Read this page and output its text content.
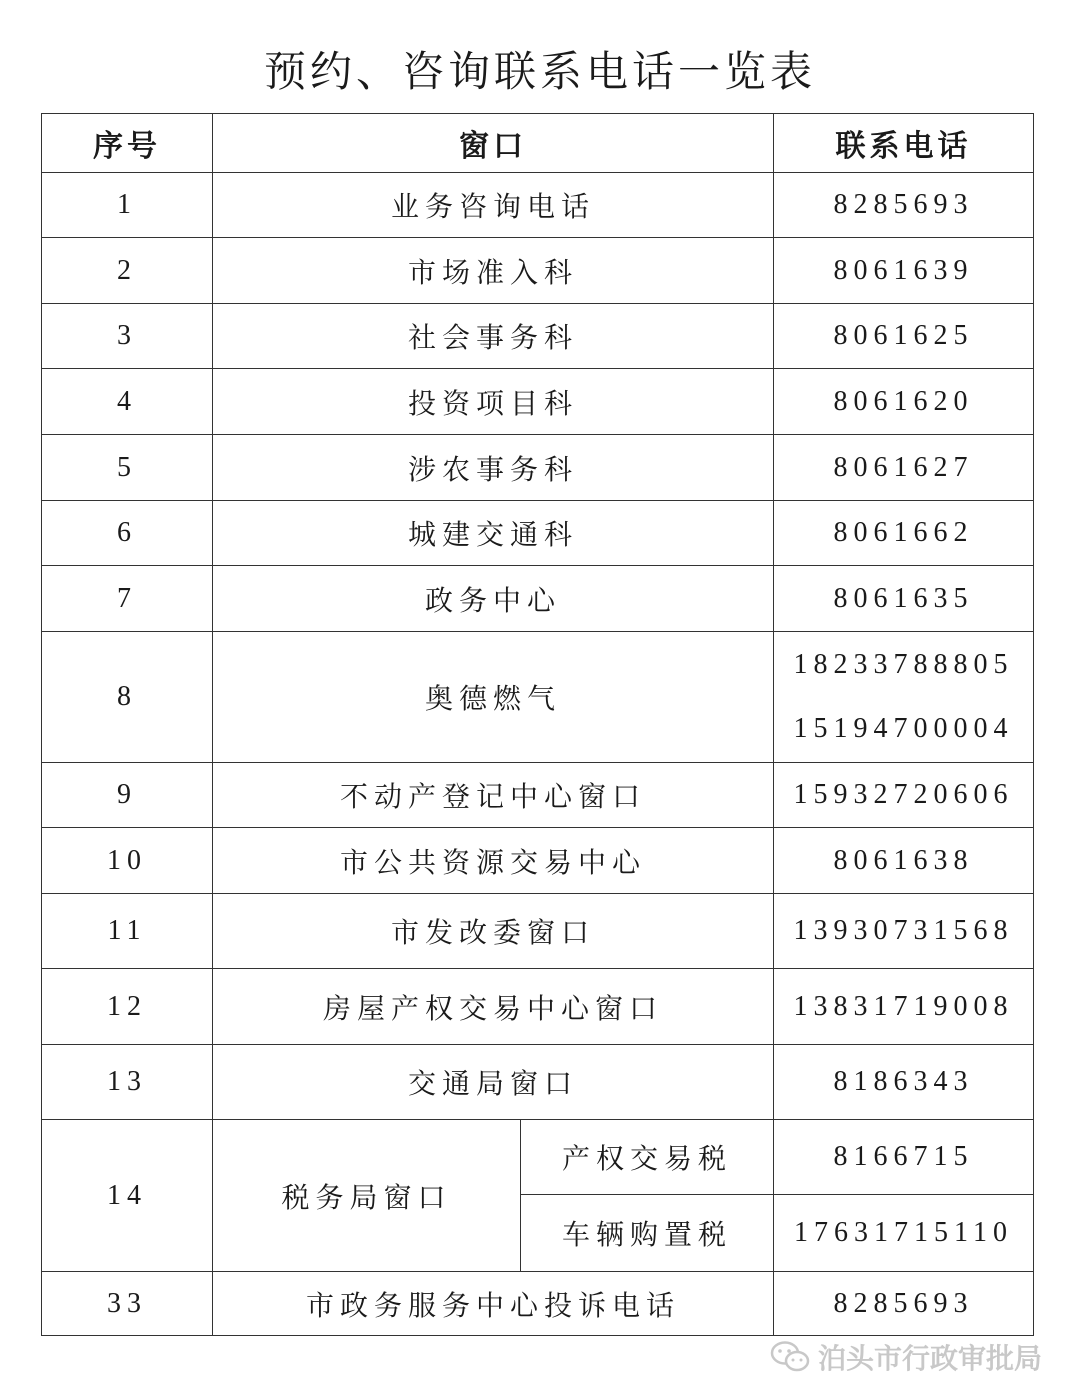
预约、咨询联系电话一览表
序号	窗口		联系电话
1	业务咨询电话		8285693

2	市场准入科		8061639

3	社会事务科		8061625

4	投资项目科		8061620

5	涉农事务科		8061627

6	城建交通科		8061662

7	政务中心		8061635

8	奥德燃气		18233788805
15194700004

9	不动产登记中心窗口		15932720606

10	市公共资源交易中心		8061638

11	市发改委窗口		13930731568

12	房屋产权交易中心窗口		13831719008

13	交通局窗口		8186343

14	税务局窗口	产权交易税	8166715
		车辆购置税	17631715110
33	市政务服务中心投诉电话		8285693
泊头市行政审批局
